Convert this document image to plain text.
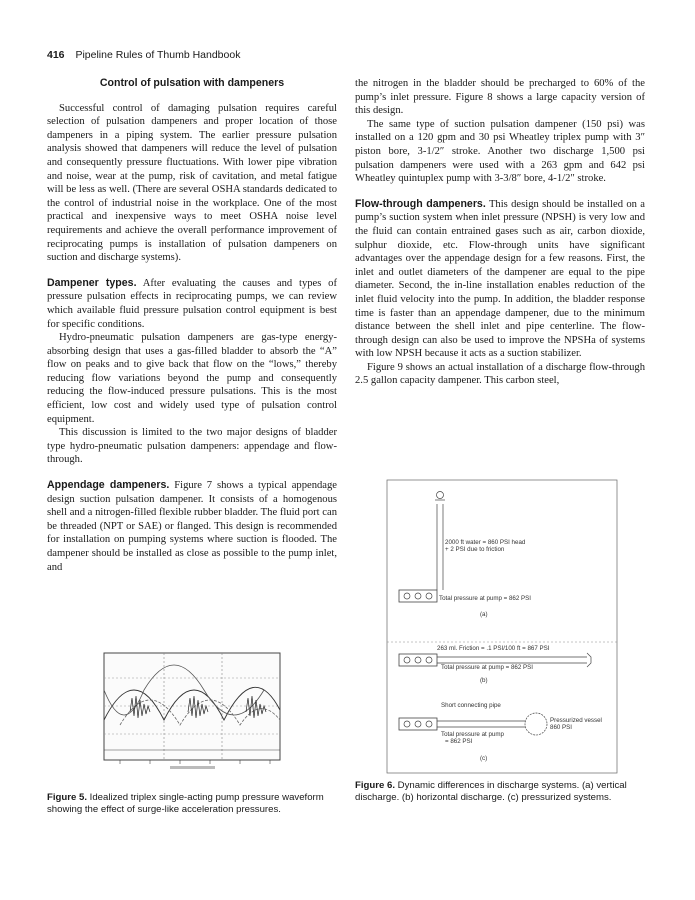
416 Pipeline Rules of Thumb Handbook
Control of pulsation with dampeners

Successful control of damaging pulsation requires careful selection of pulsation dampeners and proper location of those dampeners in a piping system. The earlier pressure pulsation analysis showed that dampeners will reduce the level of pulsation and consequently pressure fluctuations. With lower pipe vibration and noise, wear at the pump, risk of cavitation, and metal fatigue will be less as well. (There are several OSHA standards dedicated to the control of industrial noise in the workplace. One of the most practical and inexpensive ways to meet OSHA noise level requirements and achieve the overall performance improvement of reciprocating pumps is installation of pulsation dampeners on suction and discharge systems).

Dampener types. After evaluating the causes and types of pressure pulsation effects in reciprocating pumps, we can review which available fluid pressure pulsation control equipment is best for specific conditions.

Hydro-pneumatic pulsation dampeners are gas-type energy-absorbing design that uses a gas-filled bladder to absorb the “A” flow on peaks and to give back that flow on the “lows,” thereby reducing flow variations beyond the pump and consequently reducing the flow-induced pressure pulsations. This is the most efficient, low cost and widely used type of pulsation control equipment.

This discussion is limited to the two major designs of bladder type hydro-pneumatic pulsation dampeners: appendage and flow-through.

Appendage dampeners. Figure 7 shows a typical appendage design suction pulsation dampener. It consists of a homogenous shell and a nitrogen-filled flexible rubber bladder. The fluid port can be threaded (NPT or SAE) or flanged. This design is recommended for installation on pumping systems where suction is flooded. The dampener should be installed as close as possible to the pump inlet, and

the nitrogen in the bladder should be precharged to 60% of the pump’s inlet pressure. Figure 8 shows a large capacity version of this design.

The same type of suction pulsation dampener (150 psi) was installed on a 120 gpm and 30 psi Wheatley triplex pump with 3″ piston bore, 3-1/2″ stroke. Another two discharge 1,500 psi pulsation dampeners were used with a 263 gpm and 642 psi Wheatley quintuplex pump with 3-3/8″ bore, 4-1/2″ stroke.

Flow-through dampeners. This design should be installed on a pump’s suction system when inlet pressure (NPSH) is very low and the fluid can contain entrained gases such as air, carbon dioxide, sulphur dioxide, etc. Flow-through units have significant advantages over the appendage design for a few reasons. First, the inlet and outlet diameters of the dampener are equal to the pipe diameter. Second, the in-line installation enables reduction of the inlet fluid velocity into the pump. In addition, the bladder response time is faster than an appendage dampener, due to the minimum distance between the shell inlet and pipe centerline. The flow-through design can also be used to improve the NPSHa of systems with low NPSH because it acts as a suction stabilizer.

Figure 9 shows an actual installation of a discharge flow-through 2.5 gallon capacity dampener. This carbon steel,

Figure 5. Idealized triplex single-acting pump pressure waveform showing the effect of surge-like acceleration pressures.
2000 ft water = 860 PSI head
+ 2 PSI due to friction
Total pressure at pump = 862 PSI
(a)
263 ml. Friction = .1 PSI/100 ft = 867 PSI
Total pressure at pump = 862 PSI
(b)
Short connecting pipe
Pressurized vessel
860 PSI
Total pressure at pump
= 862 PSI
(c)
Figure 6. Dynamic differences in discharge systems. (a) vertical discharge. (b) horizontal discharge. (c) pressurized systems.
